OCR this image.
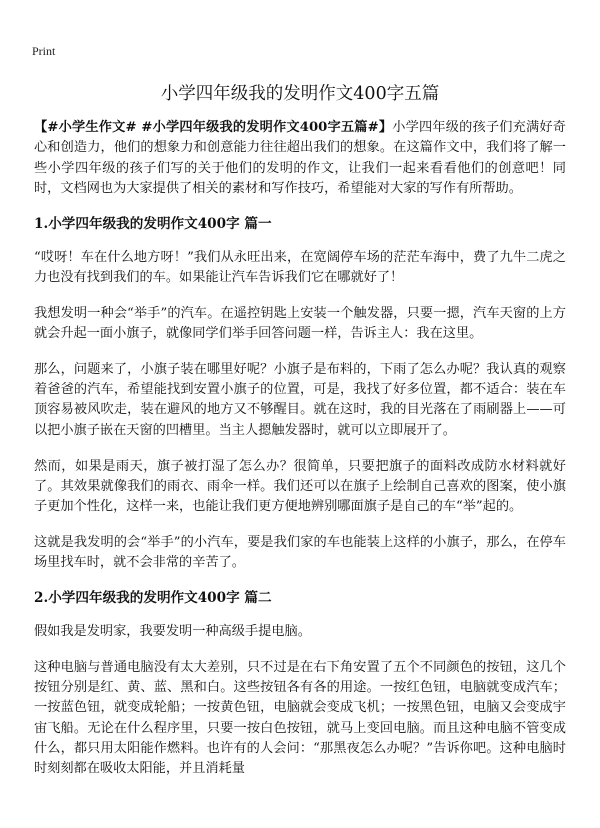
Print
小学四年级我的发明作文400字五篇

【#小学生作文# #小学四年级我的发明作文400字五篇#】小学四年级的孩子们充满好奇心和创造力，他们的想象力和创意能力往往超出我们的想象。在这篇作文中，我们将了解一些小学四年级的孩子们写的关于他们的发明的作文，让我们一起来看看他们的创意吧！同时，文档网也为大家提供了相关的素材和写作技巧，希望能对大家的写作有所帮助。

1.小学四年级我的发明作文400字 篇一

“哎呀！车在什么地方呀！”我们从永旺出来，在宽阔停车场的茫茫车海中，费了九牛二虎之力也没有找到我们的车。如果能让汽车告诉我们它在哪就好了！

我想发明一种会“举手”的汽车。在遥控钥匙上安装一个触发器，只要一摁，汽车天窗的上方就会升起一面小旗子，就像同学们举手回答问题一样，告诉主人：我在这里。

那么，问题来了，小旗子装在哪里好呢？小旗子是布料的，下雨了怎么办呢？我认真的观察着爸爸的汽车，希望能找到安置小旗子的位置，可是，我找了好多位置，都不适合：装在车顶容易被风吹走，装在避风的地方又不够醒目。就在这时，我的目光落在了雨刷器上——可以把小旗子嵌在天窗的凹槽里。当主人摁触发器时，就可以立即展开了。

然而，如果是雨天，旗子被打湿了怎么办？很简单，只要把旗子的面料改成防水材料就好了。其效果就像我们的雨衣、雨伞一样。我们还可以在旗子上绘制自己喜欢的图案，使小旗子更加个性化，这样一来，也能让我们更方便地辨别哪面旗子是自己的车“举”起的。

这就是我发明的会“举手”的小汽车，要是我们家的车也能装上这样的小旗子，那么，在停车场里找车时，就不会非常的辛苦了。

2.小学四年级我的发明作文400字 篇二

假如我是发明家，我要发明一种高级手提电脑。

这种电脑与普通电脑没有太大差别，只不过是在右下角安置了五个不同颜色的按钮，这几个按钮分别是红、黄、蓝、黑和白。这些按钮各有各的用途。一按红色钮，电脑就变成汽车；一按蓝色钮，就变成轮船；一按黄色钮，电脑就会变成飞机；一按黑色钮，电脑又会变成宇宙飞船。无论在什么程序里，只要一按白色按钮，就马上变回电脑。而且这种电脑不管变成什么，都只用太阳能作燃料。也许有的人会问：“那黑夜怎么办呢？”告诉你吧。这种电脑时时刻刻都在吸收太阳能，并且消耗量
